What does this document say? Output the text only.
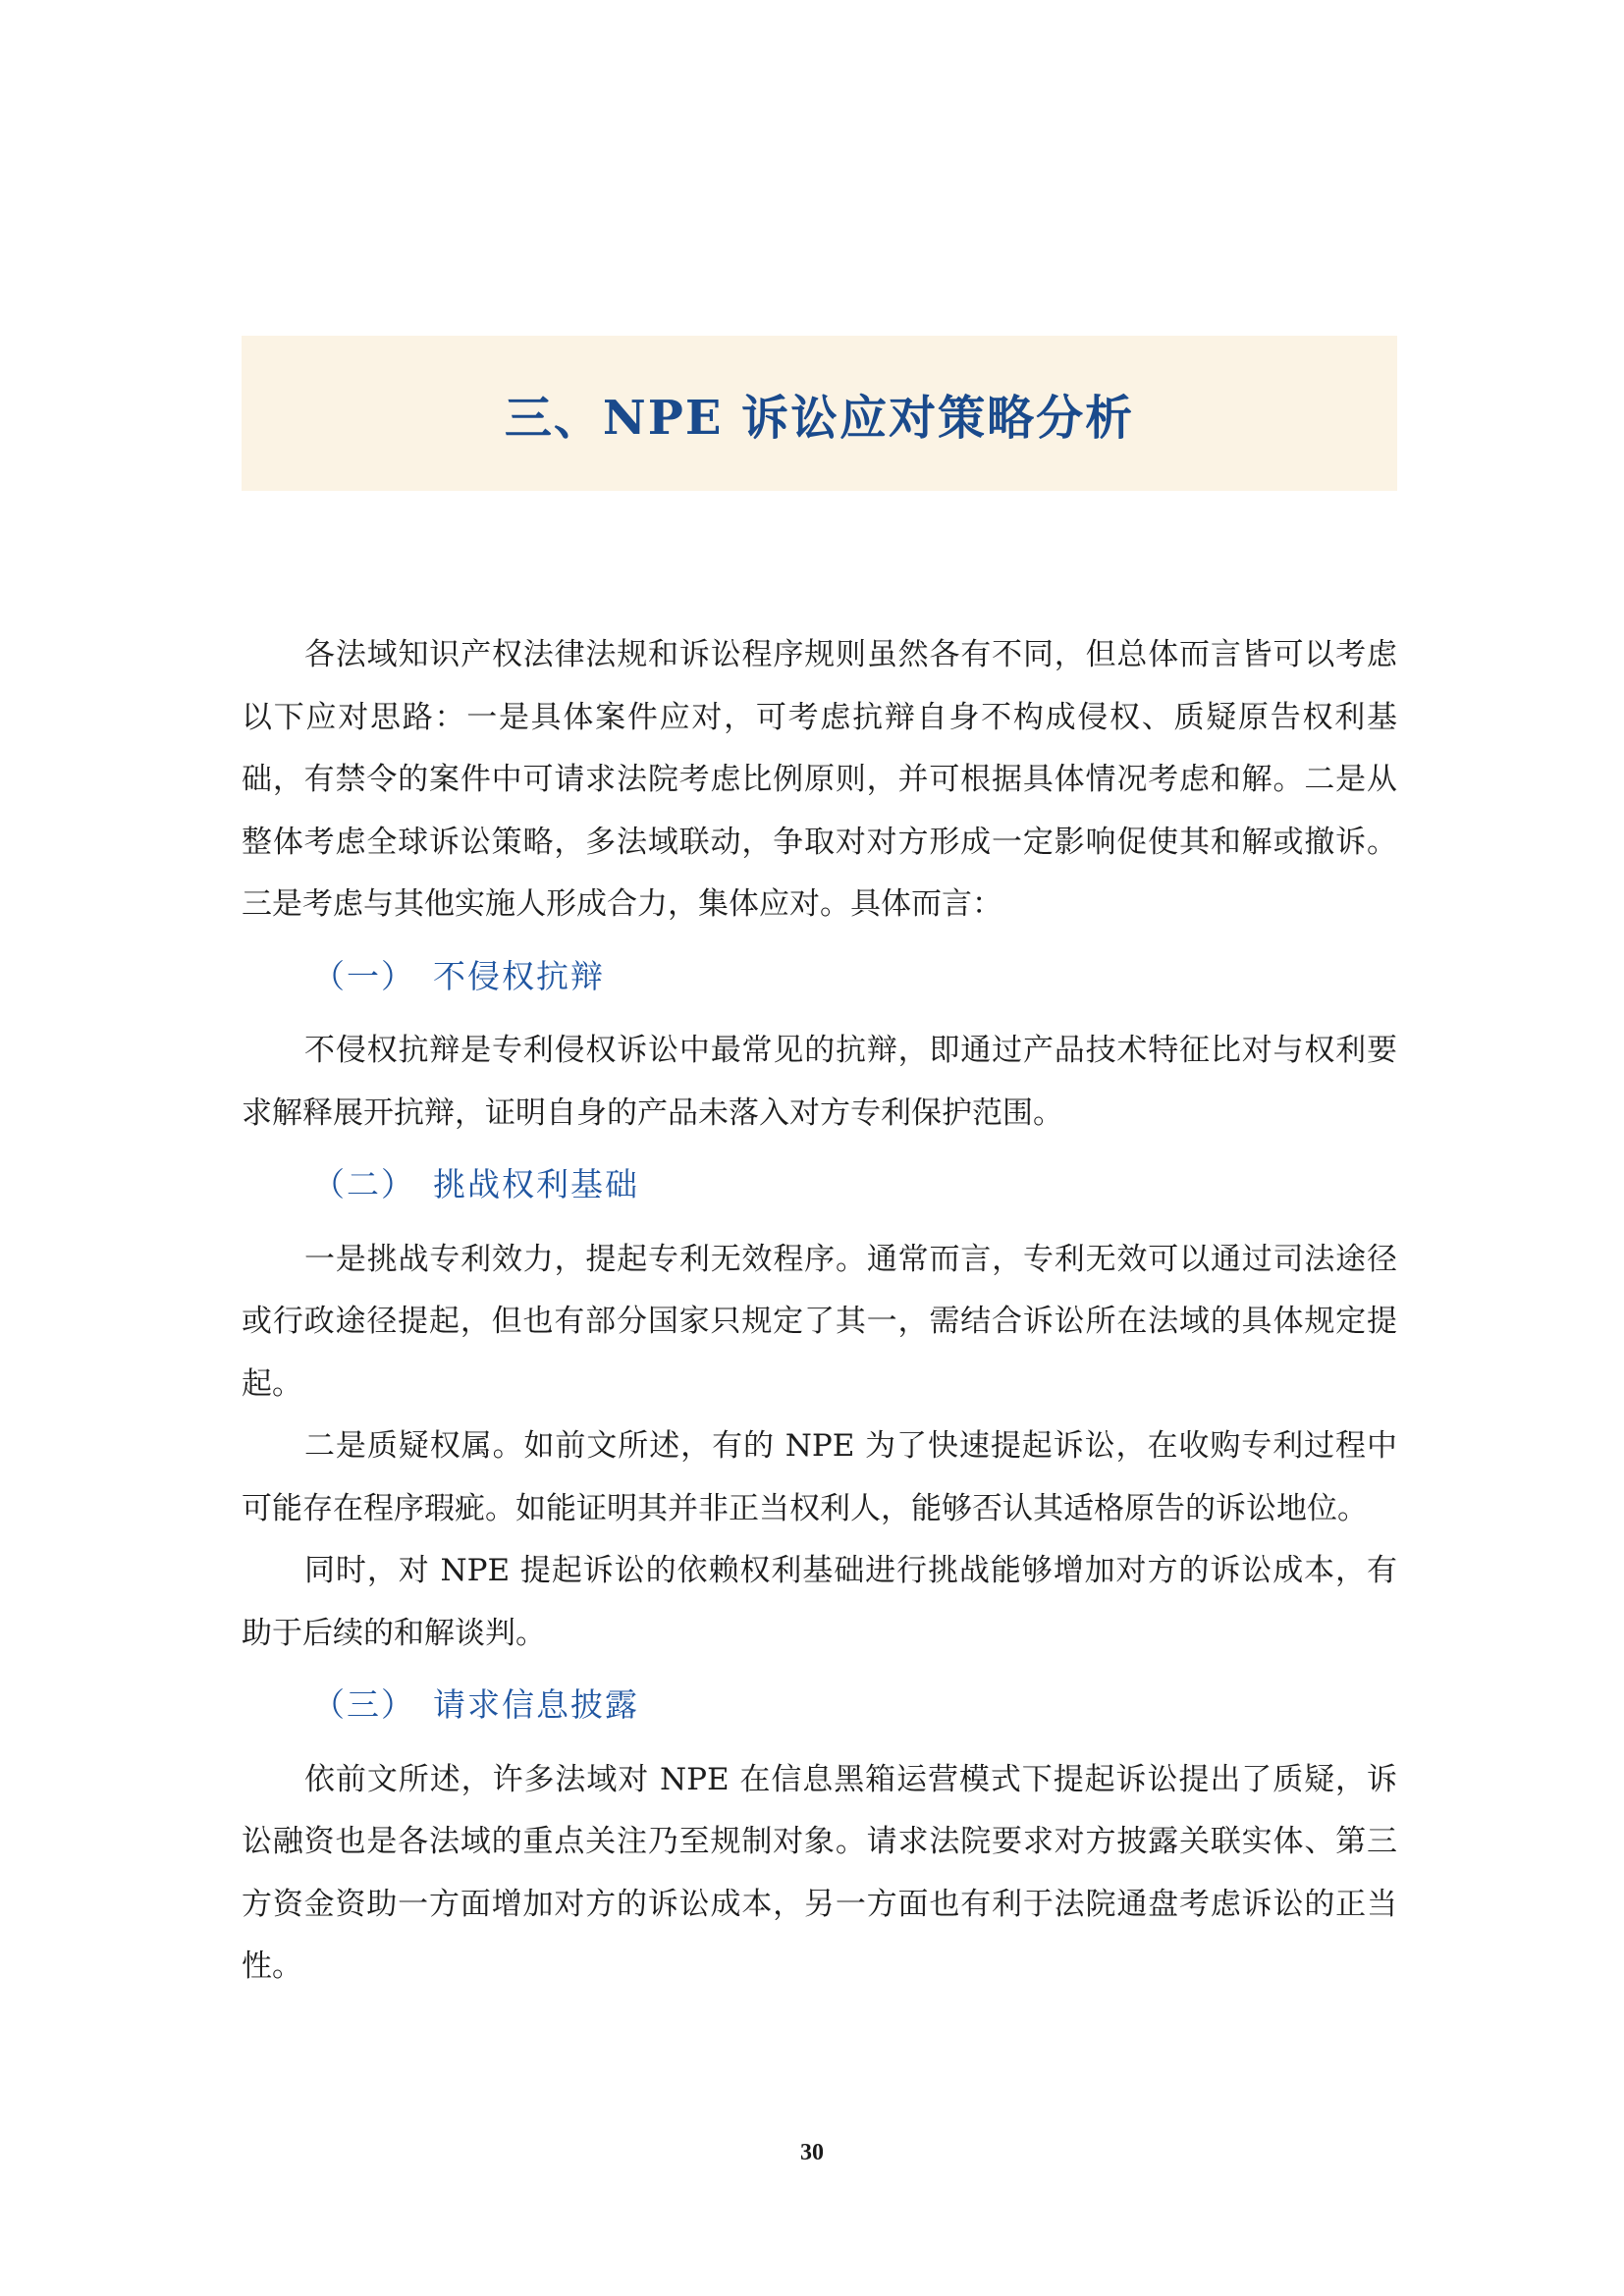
三、NPE 诉讼应对策略分析

各法域知识产权法律法规和诉讼程序规则虽然各有不同，但总体而言皆可以考虑以下应对思路：一是具体案件应对，可考虑抗辩自身不构成侵权、质疑原告权利基础，有禁令的案件中可请求法院考虑比例原则，并可根据具体情况考虑和解。二是从整体考虑全球诉讼策略，多法域联动，争取对对方形成一定影响促使其和解或撤诉。三是考虑与其他实施人形成合力，集体应对。具体而言：

（一） 不侵权抗辩

不侵权抗辩是专利侵权诉讼中最常见的抗辩，即通过产品技术特征比对与权利要求解释展开抗辩，证明自身的产品未落入对方专利保护范围。

（二） 挑战权利基础

一是挑战专利效力，提起专利无效程序。通常而言，专利无效可以通过司法途径或行政途径提起，但也有部分国家只规定了其一，需结合诉讼所在法域的具体规定提起。

二是质疑权属。如前文所述，有的 NPE 为了快速提起诉讼，在收购专利过程中可能存在程序瑕疵。如能证明其并非正当权利人，能够否认其适格原告的诉讼地位。

同时，对 NPE 提起诉讼的依赖权利基础进行挑战能够增加对方的诉讼成本，有助于后续的和解谈判。

（三） 请求信息披露

依前文所述，许多法域对 NPE 在信息黑箱运营模式下提起诉讼提出了质疑，诉讼融资也是各法域的重点关注乃至规制对象。请求法院要求对方披露关联实体、第三方资金资助一方面增加对方的诉讼成本，另一方面也有利于法院通盘考虑诉讼的正当性。

30
